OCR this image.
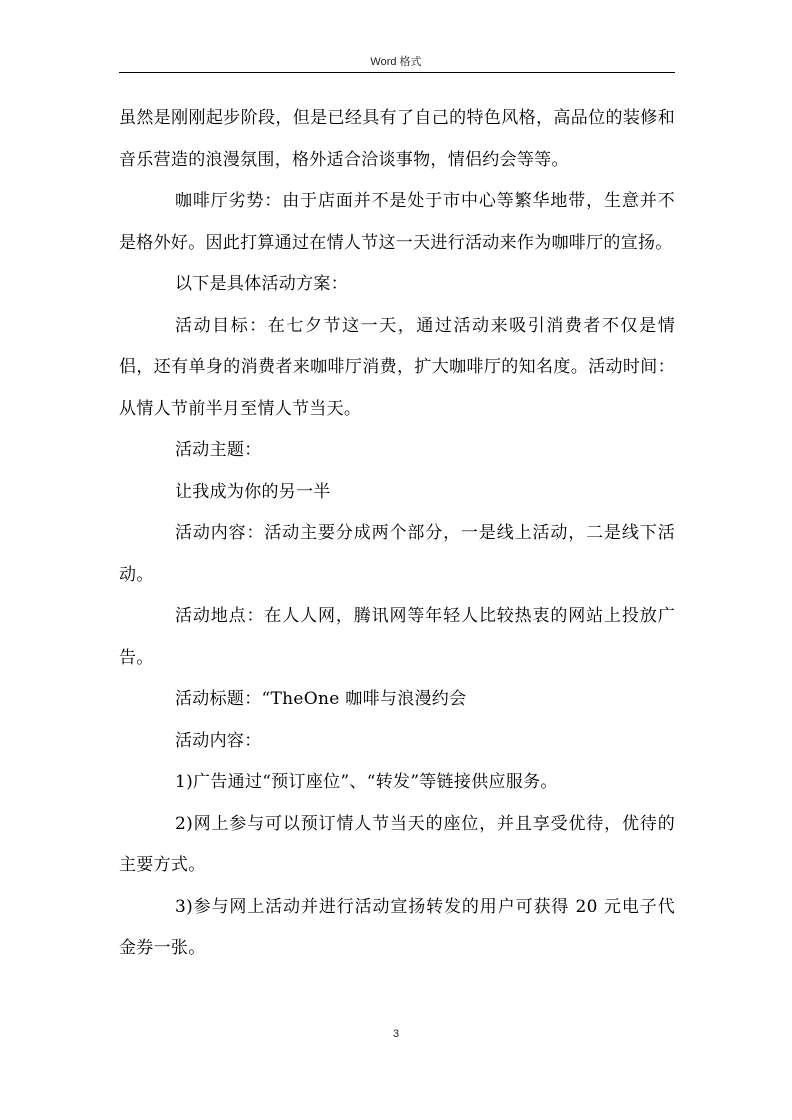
Word 格式

虽然是刚刚起步阶段，但是已经具有了自己的特色风格，高品位的装修和音乐营造的浪漫氛围，格外适合洽谈事物，情侣约会等等。

咖啡厅劣势：由于店面并不是处于市中心等繁华地带，生意并不是格外好。因此打算通过在情人节这一天进行活动来作为咖啡厅的宣扬。

以下是具体活动方案：

活动目标：在七夕节这一天，通过活动来吸引消费者不仅是情侣，还有单身的消费者来咖啡厅消费，扩大咖啡厅的知名度。活动时间：从情人节前半月至情人节当天。

活动主题：

让我成为你的另一半

活动内容：活动主要分成两个部分，一是线上活动，二是线下活动。

活动地点：在人人网，腾讯网等年轻人比较热衷的网站上投放广告。

活动标题：“TheOne 咖啡与浪漫约会

活动内容：

1)广告通过“预订座位”、“转发”等链接供应服务。

2)网上参与可以预订情人节当天的座位，并且享受优待，优待的主要方式。

3)参与网上活动并进行活动宣扬转发的用户可获得 20 元电子代金券一张。

3
